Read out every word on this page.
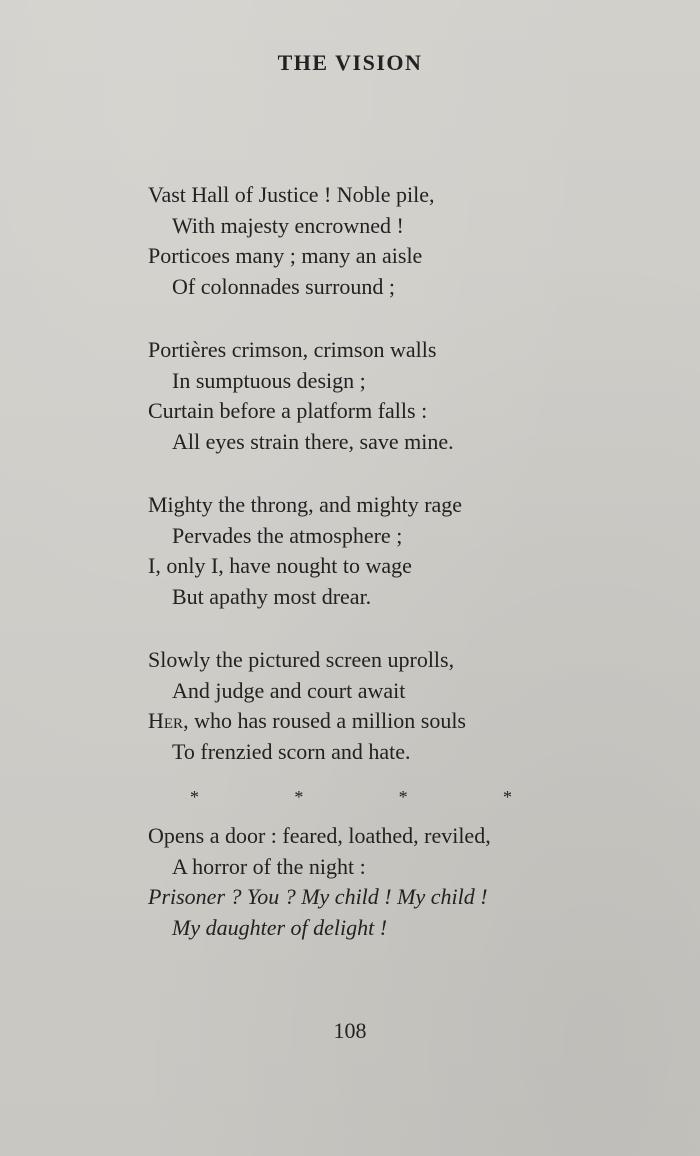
THE VISION
Vast Hall of Justice ! Noble pile,
With majesty encrowned !
Porticoes many ; many an aisle
Of colonnades surround ;
Portières crimson, crimson walls
In sumptuous design ;
Curtain before a platform falls :
All eyes strain there, save mine.
Mighty the throng, and mighty rage
Pervades the atmosphere ;
I, only I, have nought to wage
But apathy most drear.
Slowly the pictured screen uprolls,
And judge and court await
Her, who has roused a million souls
To frenzied scorn and hate.
*	*	*	*
Opens a door : feared, loathed, reviled,
A horror of the night :
Prisoner ? You ? My child ! My child !
My daughter of delight !
108
